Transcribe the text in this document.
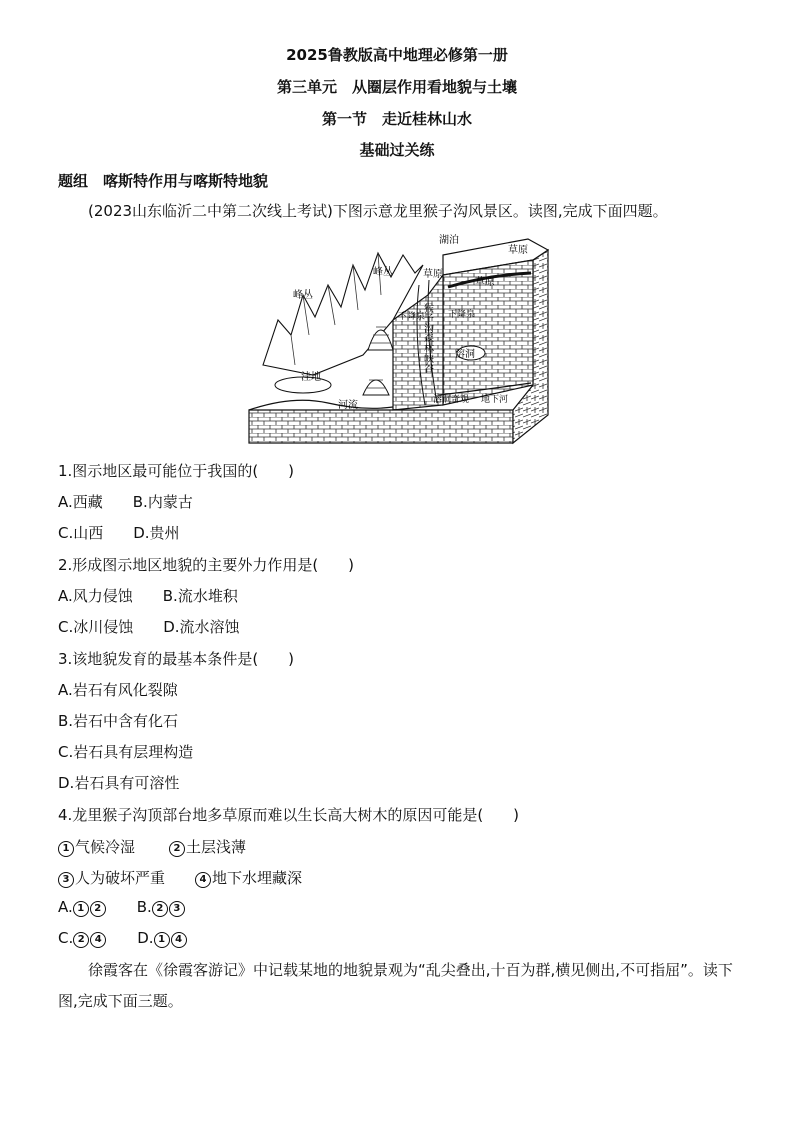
2025鲁教版高中地理必修第一册
第三单元　从圈层作用看地貌与土壤
第一节　走近桂林山水
基础过关练
题组　 喀斯特作用与喀斯特地貌
(2023山东临沂二中第二次线上考试)下图示意龙里猴子沟风景区。读图,完成下面四题。
湖泊
草原
草原
草原
峰丛
峰丛
猴子沟森林峡谷
下降泉	下降泉
溶洞
洼地
河流	溶洞奇观 地下河
1.图示地区最可能位于我国的(　　)
A.西藏　　B.内蒙古
C.山西　　D.贵州
2.形成图示地区地貌的主要外力作用是(　　)
A.风力侵蚀　　B.流水堆积
C.冰川侵蚀　　D.流水溶蚀
3.该地貌发育的最基本条件是(　　)
A.岩石有风化裂隙
B.岩石中含有化石
C.岩石具有层理构造
D.岩石具有可溶性
4.龙里猴子沟顶部台地多草原而难以生长高大树木的原因可能是(　　)
1 气候冷湿	2 土层浅薄
3 人为破坏严重	4 地下水埋藏深
A. 1 2 B. 2 3
C. 2 4 D. 1 4
徐霞客在《徐霞客游记》中记载某地的地貌景观为“乱尖叠出,十百为群,横见侧出,不可指屈”。读下图,完成下面三题。
